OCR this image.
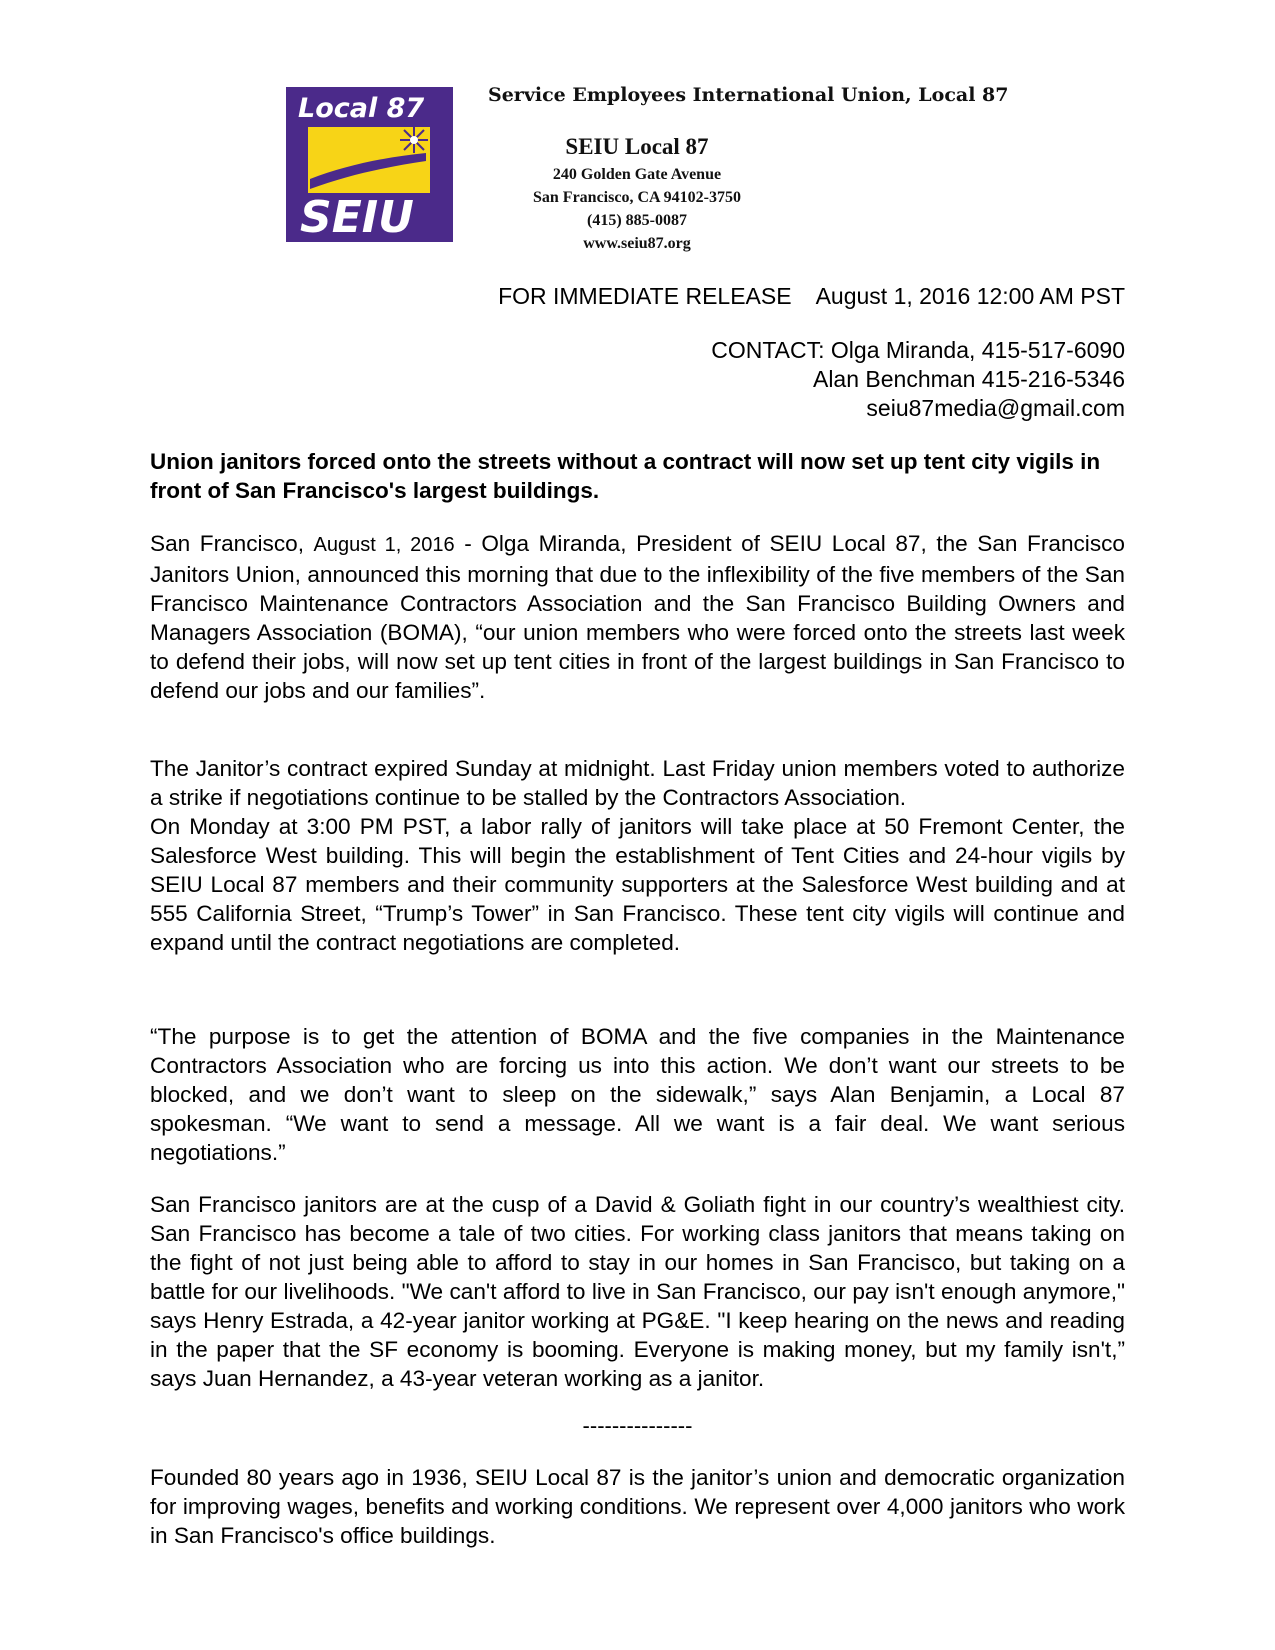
Local 87
SEIU
Service Employees International Union, Local 87
SEIU Local 87
240 Golden Gate Avenue
San Francisco, CA 94102-3750
(415) 885-0087
www.seiu87.org
FOR IMMEDIATE RELEASE August 1, 2016 12:00 AM PST
CONTACT: Olga Miranda, 415-517-6090
Alan Benchman 415-216-5346
seiu87media@gmail.com
Union janitors forced onto the streets without a contract will now set up tent city vigils in front of San Francisco's largest buildings.

San Francisco, August 1, 2016 - Olga Miranda, President of SEIU Local 87, the San Francisco Janitors Union, announced this morning that due to the inflexibility of the five members of the San Francisco Maintenance Contractors Association and the San Francisco Building Owners and Managers Association (BOMA), “our union members who were forced onto the streets last week to defend their jobs, will now set up tent cities in front of the largest buildings in San Francisco to defend our jobs and our families”.

The Janitor’s contract expired Sunday at midnight. Last Friday union members voted to authorize a strike if negotiations continue to be stalled by the Contractors Association.

On Monday at 3:00 PM PST, a labor rally of janitors will take place at 50 Fremont Center, the Salesforce West building. This will begin the establishment of Tent Cities and 24-hour vigils by SEIU Local 87 members and their community supporters at the Salesforce West building and at 555 California Street, “Trump’s Tower” in San Francisco. These tent city vigils will continue and expand until the contract negotiations are completed.

“The purpose is to get the attention of BOMA and the five companies in the Maintenance Contractors Association who are forcing us into this action. We don’t want our streets to be blocked, and we don’t want to sleep on the sidewalk,” says Alan Benjamin, a Local 87 spokesman. “We want to send a message. All we want is a fair deal. We want serious negotiations.”

San Francisco janitors are at the cusp of a David & Goliath fight in our country’s wealthiest city. San Francisco has become a tale of two cities. For working class janitors that means taking on the fight of not just being able to afford to stay in our homes in San Francisco, but taking on a battle for our livelihoods. "We can't afford to live in San Francisco, our pay isn't enough anymore," says Henry Estrada, a 42-year janitor working at PG&E. "I keep hearing on the news and reading in the paper that the SF economy is booming. Everyone is making money, but my family isn't,” says Juan Hernandez, a 43-year veteran working as a janitor.

---------------

Founded 80 years ago in 1936, SEIU Local 87 is the janitor’s union and democratic organization for improving wages, benefits and working conditions. We represent over 4,000 janitors who work in San Francisco's office buildings.
